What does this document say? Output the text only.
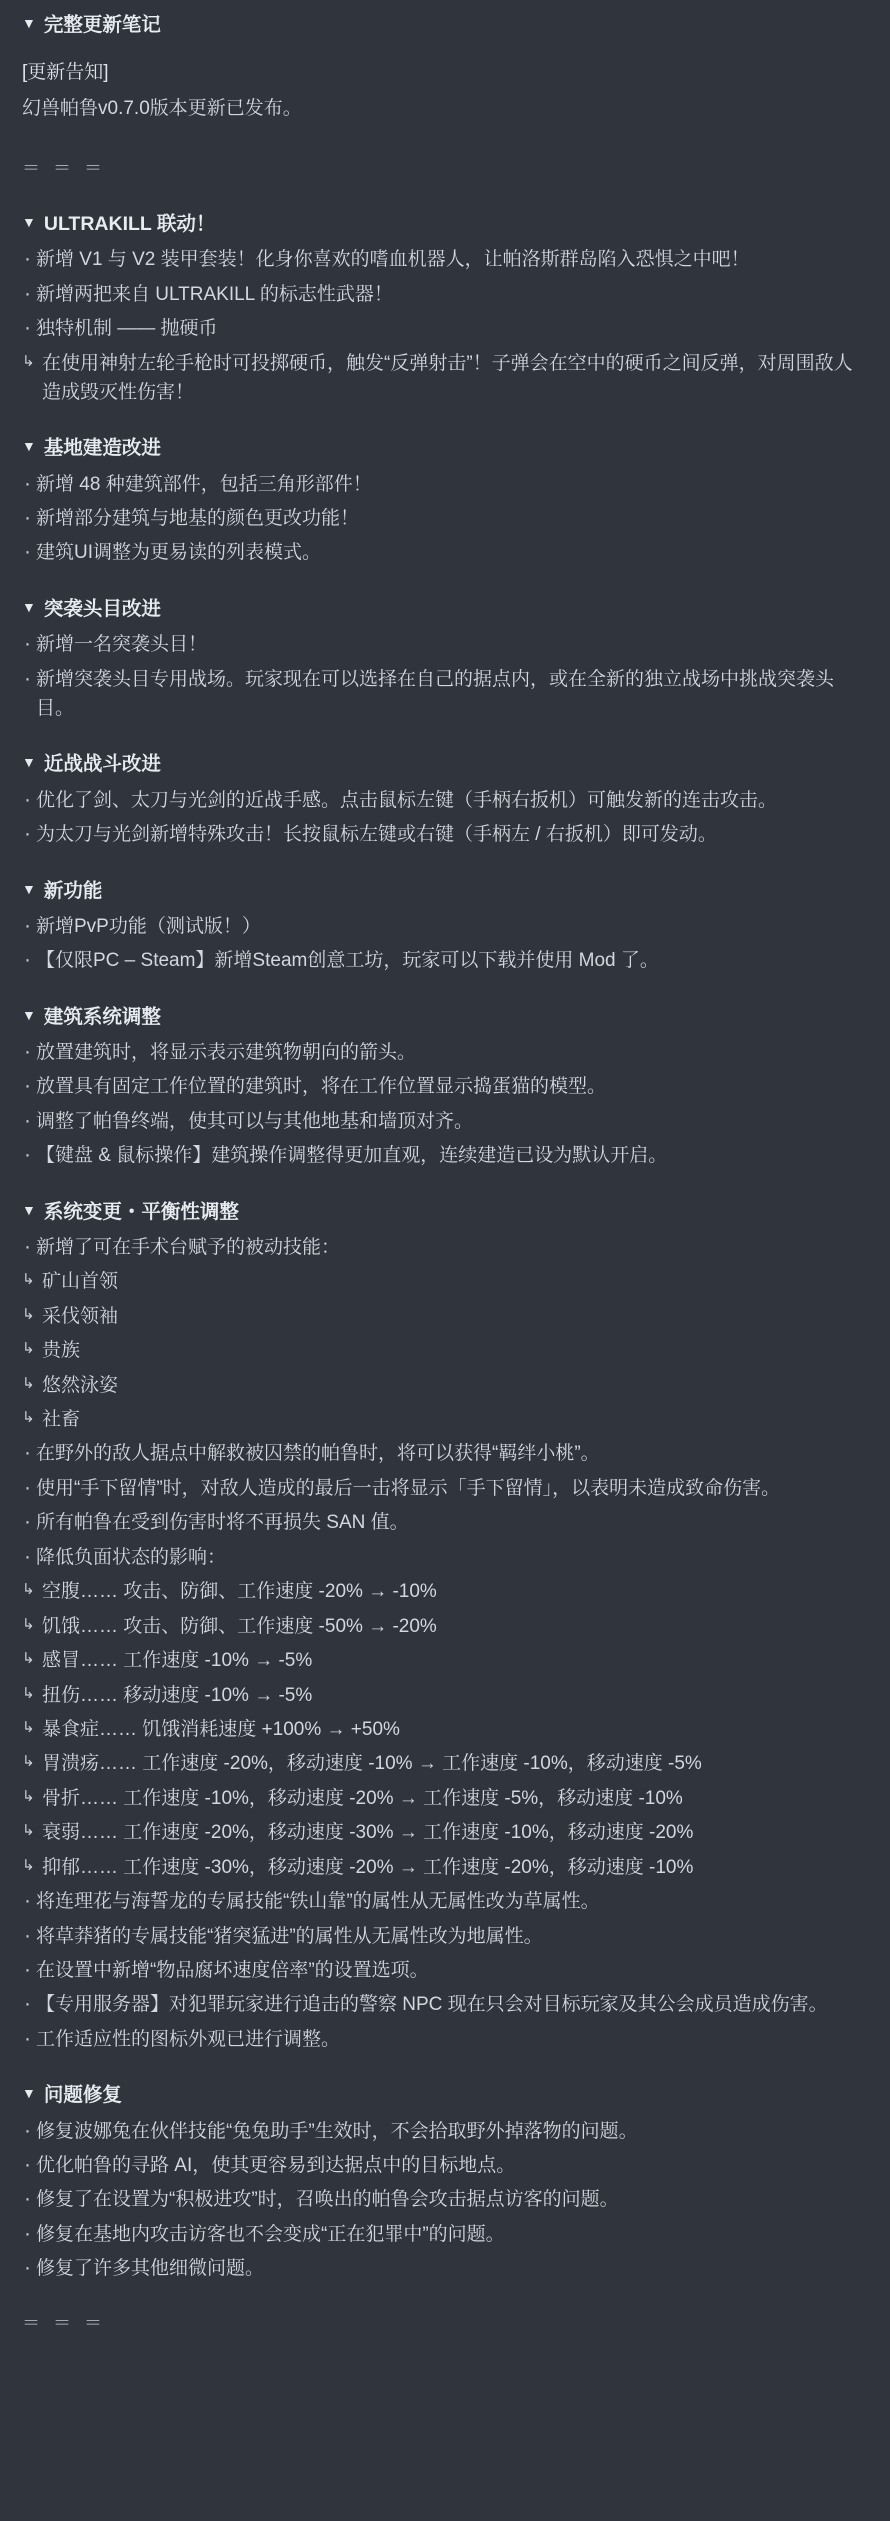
▼ 完整更新笔记
[更新告知]
幻兽帕鲁v0.7.0版本更新已发布。
＝ ＝ ＝
▼ ULTRAKILL 联动！
· 新增 V1 与 V2 装甲套装！化身你喜欢的嗜血机器人，让帕洛斯群岛陷入恐惧之中吧！
· 新增两把来自 ULTRAKILL 的标志性武器！
· 独特机制 —— 抛硬币
↳ 在使用神射左轮手枪时可投掷硬币，触发“反弹射击”！子弹会在空中的硬币之间反弹，对周围敌人造成毁灭性伤害！
▼ 基地建造改进
· 新增 48 种建筑部件，包括三角形部件！
· 新增部分建筑与地基的颜色更改功能！
· 建筑UI调整为更易读的列表模式。
▼ 突袭头目改进
· 新增一名突袭头目！
· 新增突袭头目专用战场。玩家现在可以选择在自己的据点内，或在全新的独立战场中挑战突袭头目。
▼ 近战战斗改进
· 优化了剑、太刀与光剑的近战手感。点击鼠标左键（手柄右扳机）可触发新的连击攻击。
· 为太刀与光剑新增特殊攻击！长按鼠标左键或右键（手柄左 / 右扳机）即可发动。
▼ 新功能
· 新增PvP功能（测试版！）
· 【仅限PC – Steam】新增Steam创意工坊，玩家可以下载并使用 Mod 了。
▼ 建筑系统调整
· 放置建筑时，将显示表示建筑物朝向的箭头。
· 放置具有固定工作位置的建筑时，将在工作位置显示捣蛋猫的模型。
· 调整了帕鲁终端，使其可以与其他地基和墙顶对齐。
· 【键盘 & 鼠标操作】建筑操作调整得更加直观，连续建造已设为默认开启。
▼ 系统变更・平衡性调整
· 新增了可在手术台赋予的被动技能：
↳ 矿山首领
↳ 采伐领袖
↳ 贵族
↳ 悠然泳姿
↳ 社畜
· 在野外的敌人据点中解救被囚禁的帕鲁时，将可以获得“羁绊小桃”。
· 使用“手下留情”时，对敌人造成的最后一击将显示「手下留情」，以表明未造成致命伤害。
· 所有帕鲁在受到伤害时将不再损失 SAN 值。
· 降低负面状态的影响：
↳ 空腹…… 攻击、防御、工作速度 -20% → -10%
↳ 饥饿…… 攻击、防御、工作速度 -50% → -20%
↳ 感冒…… 工作速度 -10% → -5%
↳ 扭伤…… 移动速度 -10% → -5%
↳ 暴食症…… 饥饿消耗速度 +100% → +50%
↳ 胃溃疡…… 工作速度 -20%，移动速度 -10% → 工作速度 -10%，移动速度 -5%
↳ 骨折…… 工作速度 -10%，移动速度 -20% → 工作速度 -5%，移动速度 -10%
↳ 衰弱…… 工作速度 -20%，移动速度 -30% → 工作速度 -10%，移动速度 -20%
↳ 抑郁…… 工作速度 -30%，移动速度 -20% → 工作速度 -20%，移动速度 -10%
· 将连理花与海誓龙的专属技能“铁山靠”的属性从无属性改为草属性。
· 将草莽猪的专属技能“猪突猛进”的属性从无属性改为地属性。
· 在设置中新增“物品腐坏速度倍率”的设置选项。
· 【专用服务器】对犯罪玩家进行追击的警察 NPC 现在只会对目标玩家及其公会成员造成伤害。
· 工作适应性的图标外观已进行调整。
▼ 问题修复
· 修复波娜兔在伙伴技能“兔兔助手”生效时，不会拾取野外掉落物的问题。
· 优化帕鲁的寻路 AI，使其更容易到达据点中的目标地点。
· 修复了在设置为“积极进攻”时，召唤出的帕鲁会攻击据点访客的问题。
· 修复在基地内攻击访客也不会变成“正在犯罪中”的问题。
· 修复了许多其他细微问题。
＝ ＝ ＝
